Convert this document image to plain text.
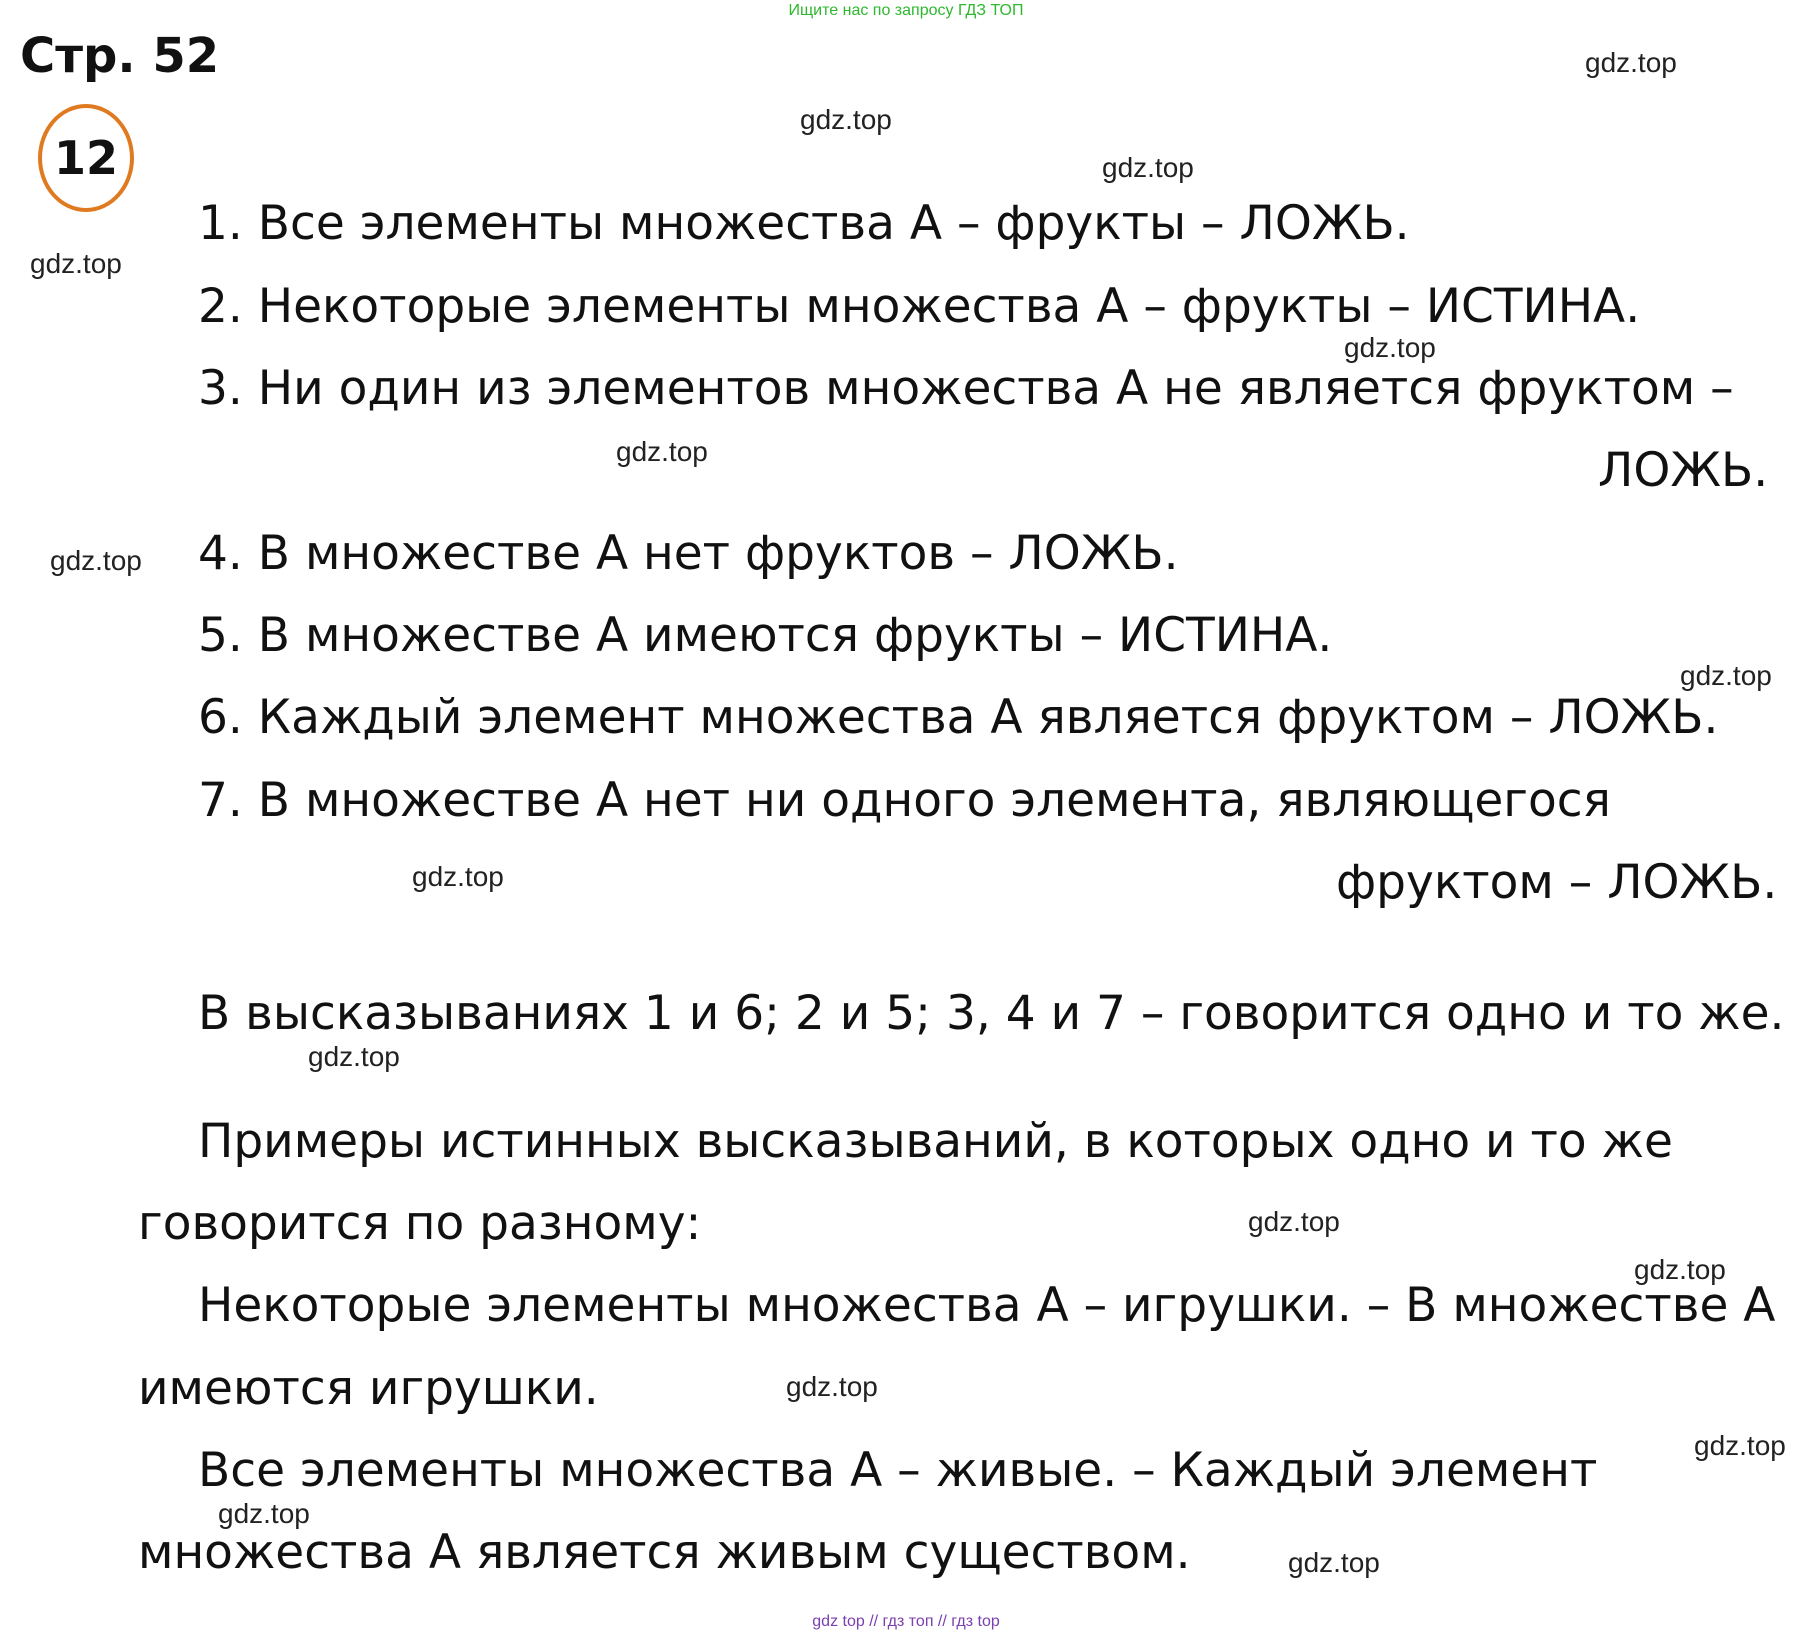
Ищите нас по запросу ГДЗ ТОП
Стр. 52
12
1. Все элементы множества А – фрукты – ЛОЖЬ.
2. Некоторые элементы множества А – фрукты – ИСТИНА.
3. Ни один из элементов множества А не является фруктом –
ЛОЖЬ.
4. В множестве А нет фруктов – ЛОЖЬ.
5. В множестве А имеются фрукты – ИСТИНА.
6. Каждый элемент множества А является фруктом – ЛОЖЬ.
7. В множестве А нет ни одного элемента, являющегося
фруктом – ЛОЖЬ.
В высказываниях 1 и 6; 2 и 5; 3, 4 и 7 – говорится одно и то же.
Примеры истинных высказываний, в которых одно и то же
говорится по разному:
Некоторые элементы множества А – игрушки. – В множестве А
имеются игрушки.
Все элементы множества А – живые. – Каждый элемент
множества А является живым существом.
gdz.top
gdz.top
gdz.top
gdz.top
gdz.top
gdz.top
gdz.top
gdz.top
gdz.top
gdz.top
gdz.top
gdz.top
gdz.top
gdz.top
gdz.top
gdz.top
gdz top // гдз топ // гдз top
